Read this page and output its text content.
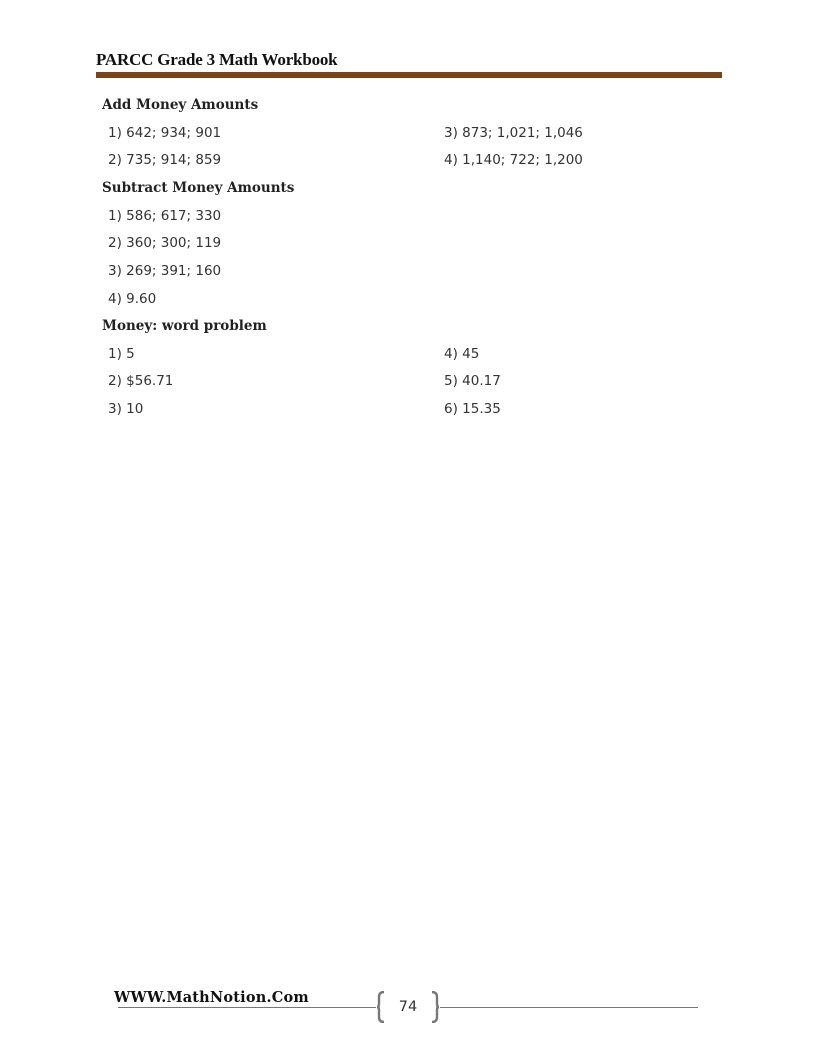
PARCC Grade 3 Math Workbook
Add Money Amounts
1) 642; 934; 901	3) 873; 1,021; 1,046
2) 735; 914; 859	4) 1,140; 722; 1,200
Subtract Money Amounts
1) 586; 617; 330
2) 360; 300; 119
3) 269; 391; 160
4) 9.60
Money: word problem
1) 5	4) 45
2) $56.71	5) 40.17
3) 10	6) 15.35
WWW.MathNotion.Com
74
